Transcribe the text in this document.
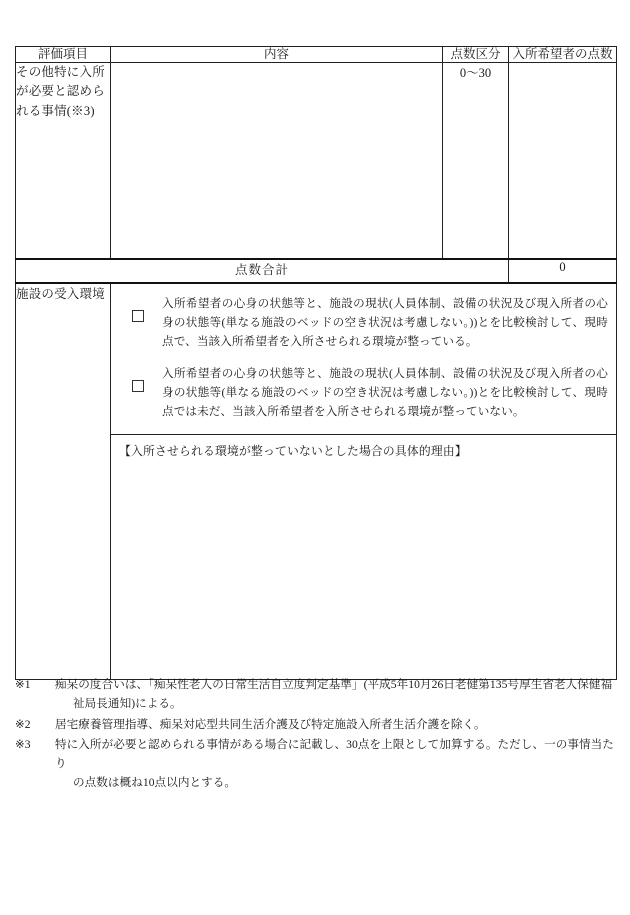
評価項目	内容	点数区分	入所希望者の点数
その他特に入所が必要と認められる事情(※3)		0〜30	
点数合計			0
施設の受入環境	入所希望者の心身の状態等と、施設の現状(人員体制、設備の状況及び現入所者の心身の状態等(単なる施設のベッドの空き状況は考慮しない。))とを比較検討して、現時点で、当該入所希望者を入所させられる環境が整っている。
入所希望者の心身の状態等と、施設の現状(人員体制、設備の状況及び現入所者の心身の状態等(単なる施設のベッドの空き状況は考慮しない。))とを比較検討して、現時点では未だ、当該入所希望者を入所させられる環境が整っていない。
【入所させられる環境が整っていないとした場合の具体的理由】		
※1	痴呆の度合いは、「痴呆性老人の日常生活自立度判定基準」(平成5年10月26日老健第135号厚生省老人保健福
祉局長通知)による。
※2	居宅療養管理指導、痴呆対応型共同生活介護及び特定施設入所者生活介護を除く。
※3	特に入所が必要と認められる事情がある場合に記載し、30点を上限として加算する。ただし、一の事情当たり
の点数は概ね10点以内とする。
